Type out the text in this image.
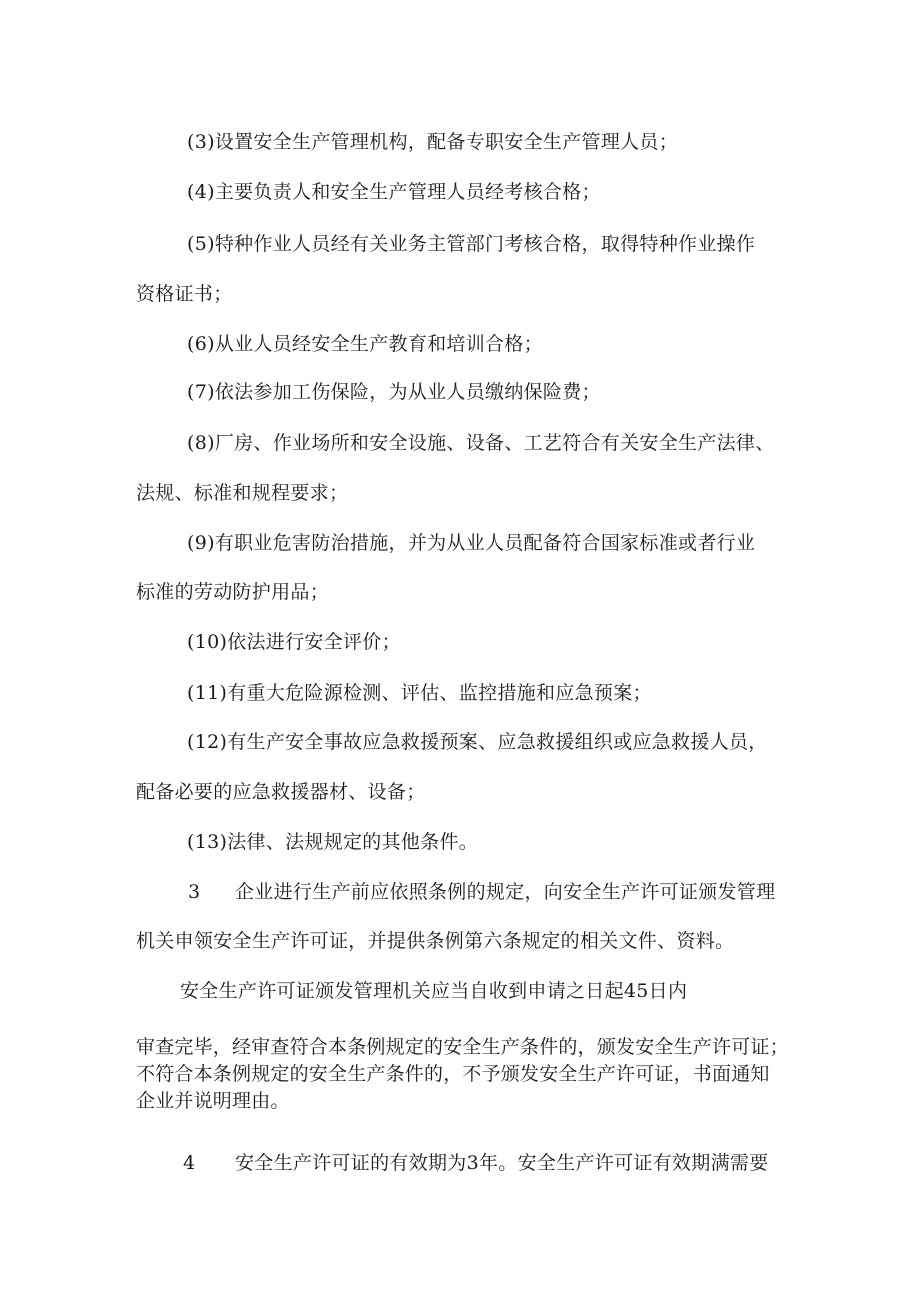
(3)设置安全生产管理机构，配备专职安全生产管理人员；
(4)主要负责人和安全生产管理人员经考核合格；
(5)特种作业人员经有关业务主管部门考核合格，取得特种作业操作
资格证书；
(6)从业人员经安全生产教育和培训合格；
(7)依法参加工伤保险，为从业人员缴纳保险费；
(8)厂房、作业场所和安全设施、设备、工艺符合有关安全生产法律、
法规、标准和规程要求；
(9)有职业危害防治措施，并为从业人员配备符合国家标准或者行业
标准的劳动防护用品；
(10)依法进行安全评价；
(11)有重大危险源检测、评估、监控措施和应急预案；
(12)有生产安全事故应急救援预案、应急救援组织或应急救援人员，
配备必要的应急救援器材、设备；
(13)法律、法规规定的其他条件。
3 企业进行生产前应依照条例的规定，向安全生产许可证颁发管理
机关申领安全生产许可证，并提供条例第六条规定的相关文件、资料。
安全生产许可证颁发管理机关应当自收到申请之日起45日内
审查完毕，经审查符合本条例规定的安全生产条件的，颁发安全生产许可证；
不符合本条例规定的安全生产条件的，不予颁发安全生产许可证，书面通知
企业并说明理由。
4 安全生产许可证的有效期为3年。安全生产许可证有效期满需要
